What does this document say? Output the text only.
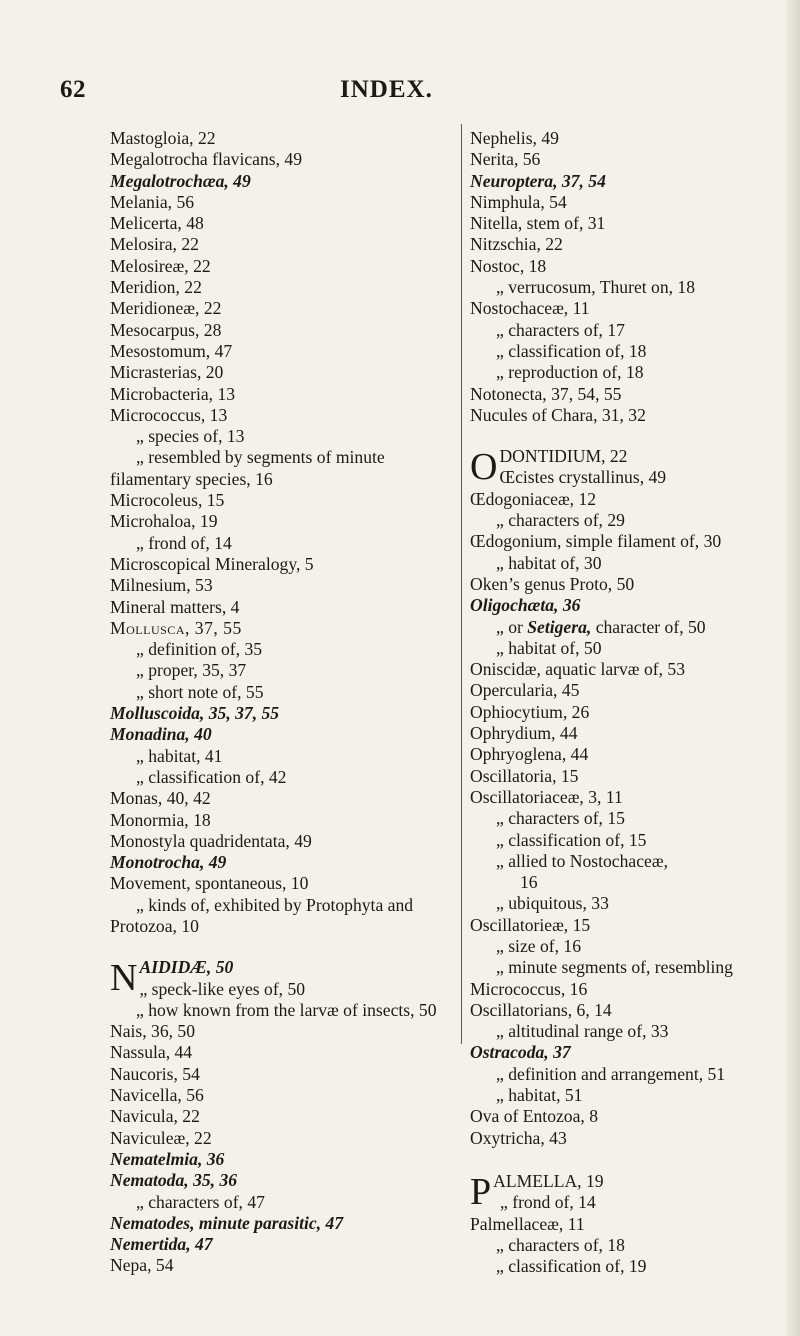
62	INDEX.
Mastogloia, 22
Megalotrocha flavicans, 49
Megalotrochæa, 49
Melania, 56
Melicerta, 48
Melosira, 22
Melosireæ, 22
Meridion, 22
Meridioneæ, 22
Mesocarpus, 28
Mesostomum, 47
Micrasterias, 20
Microbacteria, 13
Micrococcus, 13
„ species of, 13
„ resembled by segments of minute filamentary species, 16
Microcoleus, 15
Microhaloa, 19
„ frond of, 14
Microscopical Mineralogy, 5
Milnesium, 53
Mineral matters, 4
Mollusca, 37, 55
„ definition of, 35
„ proper, 35, 37
„ short note of, 55
Molluscoida, 35, 37, 55
Monadina, 40
„ habitat, 41
„ classification of, 42
Monas, 40, 42
Monormia, 18
Monostyla quadridentata, 49
Monotrocha, 49
Movement, spontaneous, 10
„ kinds of, exhibited by Protophyta and Protozoa, 10
NAIDIDÆ, 50
„ speck-like eyes of, 50
„ how known from the larvæ of insects, 50
Nais, 36, 50
Nassula, 44
Naucoris, 54
Navicella, 56
Navicula, 22
Naviculeæ, 22
Nematelmia, 36
Nematoda, 35, 36
„ characters of, 47
Nematodes, minute parasitic, 47
Nemertida, 47
Nepa, 54
Nephelis, 49
Nerita, 56
Neuroptera, 37, 54
Nimphula, 54
Nitella, stem of, 31
Nitzschia, 22
Nostoc, 18
„ verrucosum, Thuret on, 18
Nostochaceæ, 11
„ characters of, 17
„ classification of, 18
„ reproduction of, 18
Notonecta, 37, 54, 55
Nucules of Chara, 31, 32
ODONTIDIUM, 22
Œcistes crystallinus, 49
Œdogoniaceæ, 12
„ characters of, 29
Œdogonium, simple filament of, 30
„ habitat of, 30
Oken’s genus Proto, 50
Oligochæta, 36
„ or Setigera, character of, 50
„ habitat of, 50
Oniscidæ, aquatic larvæ of, 53
Opercularia, 45
Ophiocytium, 26
Ophrydium, 44
Ophryoglena, 44
Oscillatoria, 15
Oscillatoriaceæ, 3, 11
„ characters of, 15
„ classification of, 15
„ allied to Nostochaceæ,
16
„ ubiquitous, 33
Oscillatorieæ, 15
„ size of, 16
„ minute segments of, resembling Micrococcus, 16
Oscillatorians, 6, 14
„ altitudinal range of, 33
Ostracoda, 37
„ definition and arrangement, 51
„ habitat, 51
Ova of Entozoa, 8
Oxytricha, 43
PALMELLA, 19
„ frond of, 14
Palmellaceæ, 11
„ characters of, 18
„ classification of, 19
